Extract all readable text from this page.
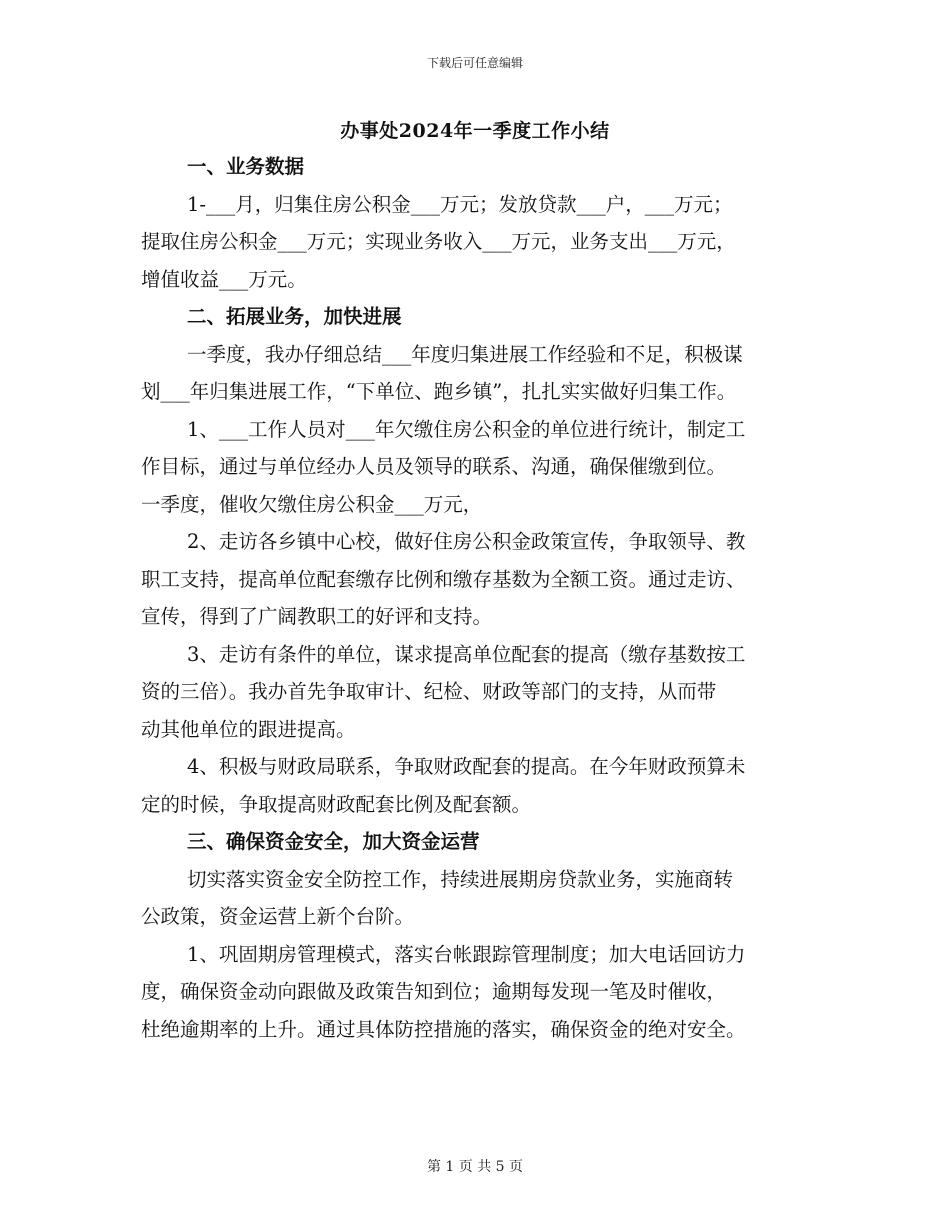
下载后可任意编辑
办事处2024年一季度工作小结
一、业务数据
1-___月，归集住房公积金___万元；发放贷款___户，___万元；
提取住房公积金___万元；实现业务收入___万元，业务支出___万元，
增值收益___万元。
二、拓展业务，加快进展
一季度，我办仔细总结___年度归集进展工作经验和不足，积极谋
划___年归集进展工作，“下单位、跑乡镇”，扎扎实实做好归集工作。
1、___工作人员对___年欠缴住房公积金的单位进行统计，制定工
作目标，通过与单位经办人员及领导的联系、沟通，确保催缴到位。
一季度，催收欠缴住房公积金___万元，
2、走访各乡镇中心校，做好住房公积金政策宣传，争取领导、教
职工支持，提高单位配套缴存比例和缴存基数为全额工资。通过走访、
宣传，得到了广阔教职工的好评和支持。
3、走访有条件的单位，谋求提高单位配套的提高（缴存基数按工
资的三倍）。我办首先争取审计、纪检、财政等部门的支持，从而带
动其他单位的跟进提高。
4、积极与财政局联系，争取财政配套的提高。在今年财政预算未
定的时候，争取提高财政配套比例及配套额。
三、确保资金安全，加大资金运营
切实落实资金安全防控工作，持续进展期房贷款业务，实施商转
公政策，资金运营上新个台阶。
1、巩固期房管理模式，落实台帐跟踪管理制度；加大电话回访力
度，确保资金动向跟做及政策告知到位；逾期每发现一笔及时催收，
杜绝逾期率的上升。通过具体防控措施的落实，确保资金的绝对安全。
第 1 页 共 5 页
